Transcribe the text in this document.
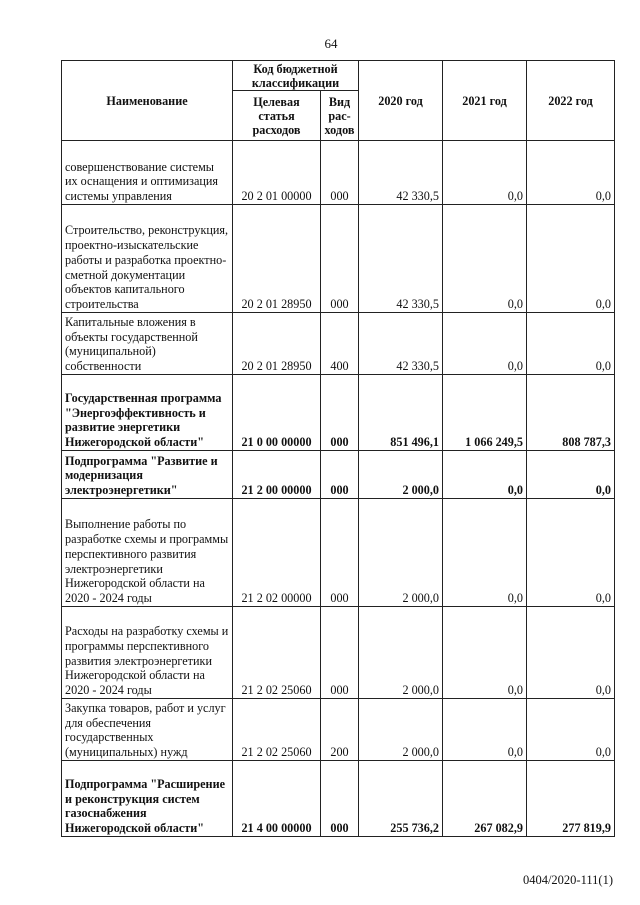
64
Наименование	Код бюджетной классификации		2020 год	2021 год	2022 год
	Целевая статья расходов	Вид рас-ходов			
совершенствование системы их оснащения и оптимизация системы управления	20 2 01 00000	000	42 330,5	0,0	0,0
Строительство, реконструкция, проектно-изыскательские работы и разработка проектно-сметной документации объектов капитального строительства	20 2 01 28950	000	42 330,5	0,0	0,0
Капитальные вложения в объекты государственной (муниципальной) собственности	20 2 01 28950	400	42 330,5	0,0	0,0
Государственная программа "Энергоэффективность и развитие энергетики Нижегородской области"	21 0 00 00000	000	851 496,1	1 066 249,5	808 787,3
Подпрограмма "Развитие и модернизация электроэнергетики"	21 2 00 00000	000	2 000,0	0,0	0,0
Выполнение работы по разработке схемы и программы перспективного развития электроэнергетики Нижегородской области на 2020 - 2024 годы	21 2 02 00000	000	2 000,0	0,0	0,0
Расходы на разработку схемы и программы перспективного развития электроэнергетики Нижегородской области на 2020 - 2024 годы	21 2 02 25060	000	2 000,0	0,0	0,0
Закупка товаров, работ и услуг для обеспечения государственных (муниципальных) нужд	21 2 02 25060	200	2 000,0	0,0	0,0
Подпрограмма "Расширение и реконструкция систем газоснабжения Нижегородской области"	21 4 00 00000	000	255 736,2	267 082,9	277 819,9
0404/2020-111(1)
